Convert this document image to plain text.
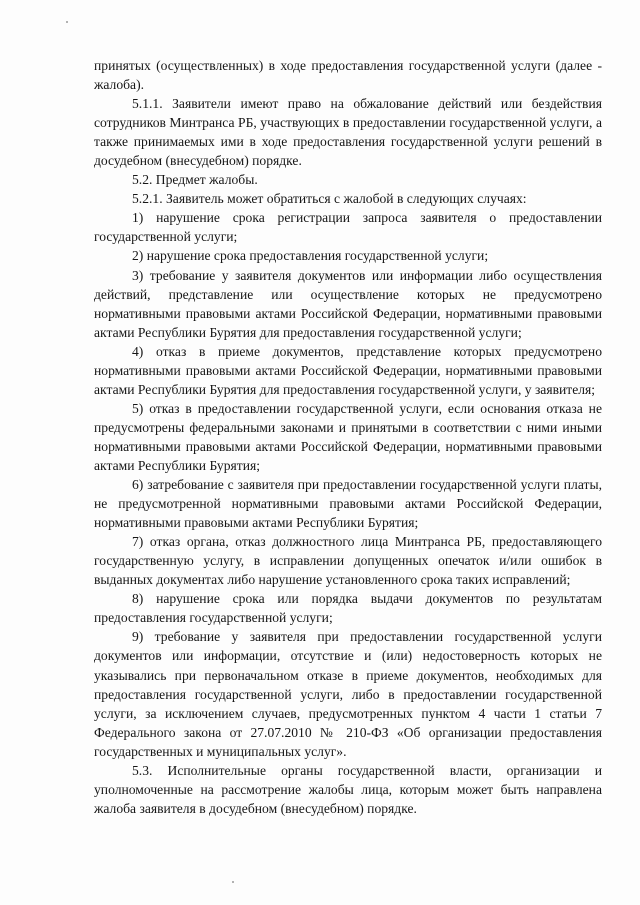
принятых (осуществленных) в ходе предоставления государственной услуги (далее - жалоба).

5.1.1. Заявители имеют право на обжалование действий или бездействия сотрудников Минтранса РБ, участвующих в предоставлении государственной услуги, а также принимаемых ими в ходе предоставления государственной услуги решений в досудебном (внесудебном) порядке.

5.2. Предмет жалобы.

5.2.1. Заявитель может обратиться с жалобой в следующих случаях:

1) нарушение срока регистрации запроса заявителя о предоставлении государственной услуги;

2) нарушение срока предоставления государственной услуги;

3) требование у заявителя документов или информации либо осуществления действий, представление или осуществление которых не предусмотрено нормативными правовыми актами Российской Федерации, нормативными правовыми актами Республики Бурятия для предоставления государственной услуги;

4) отказ в приеме документов, представление которых предусмотрено нормативными правовыми актами Российской Федерации, нормативными правовыми актами Республики Бурятия для предоставления государственной услуги, у заявителя;

5) отказ в предоставлении государственной услуги, если основания отказа не предусмотрены федеральными законами и принятыми в соответствии с ними иными нормативными правовыми актами Российской Федерации, нормативными правовыми актами Республики Бурятия;

6) затребование с заявителя при предоставлении государственной услуги платы, не предусмотренной нормативными правовыми актами Российской Федерации, нормативными правовыми актами Республики Бурятия;

7) отказ органа, отказ должностного лица Минтранса РБ, предоставляющего государственную услугу, в исправлении допущенных опечаток и/или ошибок в выданных документах либо нарушение установленного срока таких исправлений;

8) нарушение срока или порядка выдачи документов по результатам предоставления государственной услуги;

9) требование у заявителя при предоставлении государственной услуги документов или информации, отсутствие и (или) недостоверность которых не указывались при первоначальном отказе в приеме документов, необходимых для предоставления государственной услуги, либо в предоставлении государственной услуги, за исключением случаев, предусмотренных пунктом 4 части 1 статьи 7 Федерального закона от 27.07.2010 № 210-ФЗ «Об организации предоставления государственных и муниципальных услуг».

5.3. Исполнительные органы государственной власти, организации и уполномоченные на рассмотрение жалобы лица, которым может быть направлена жалоба заявителя в досудебном (внесудебном) порядке.
